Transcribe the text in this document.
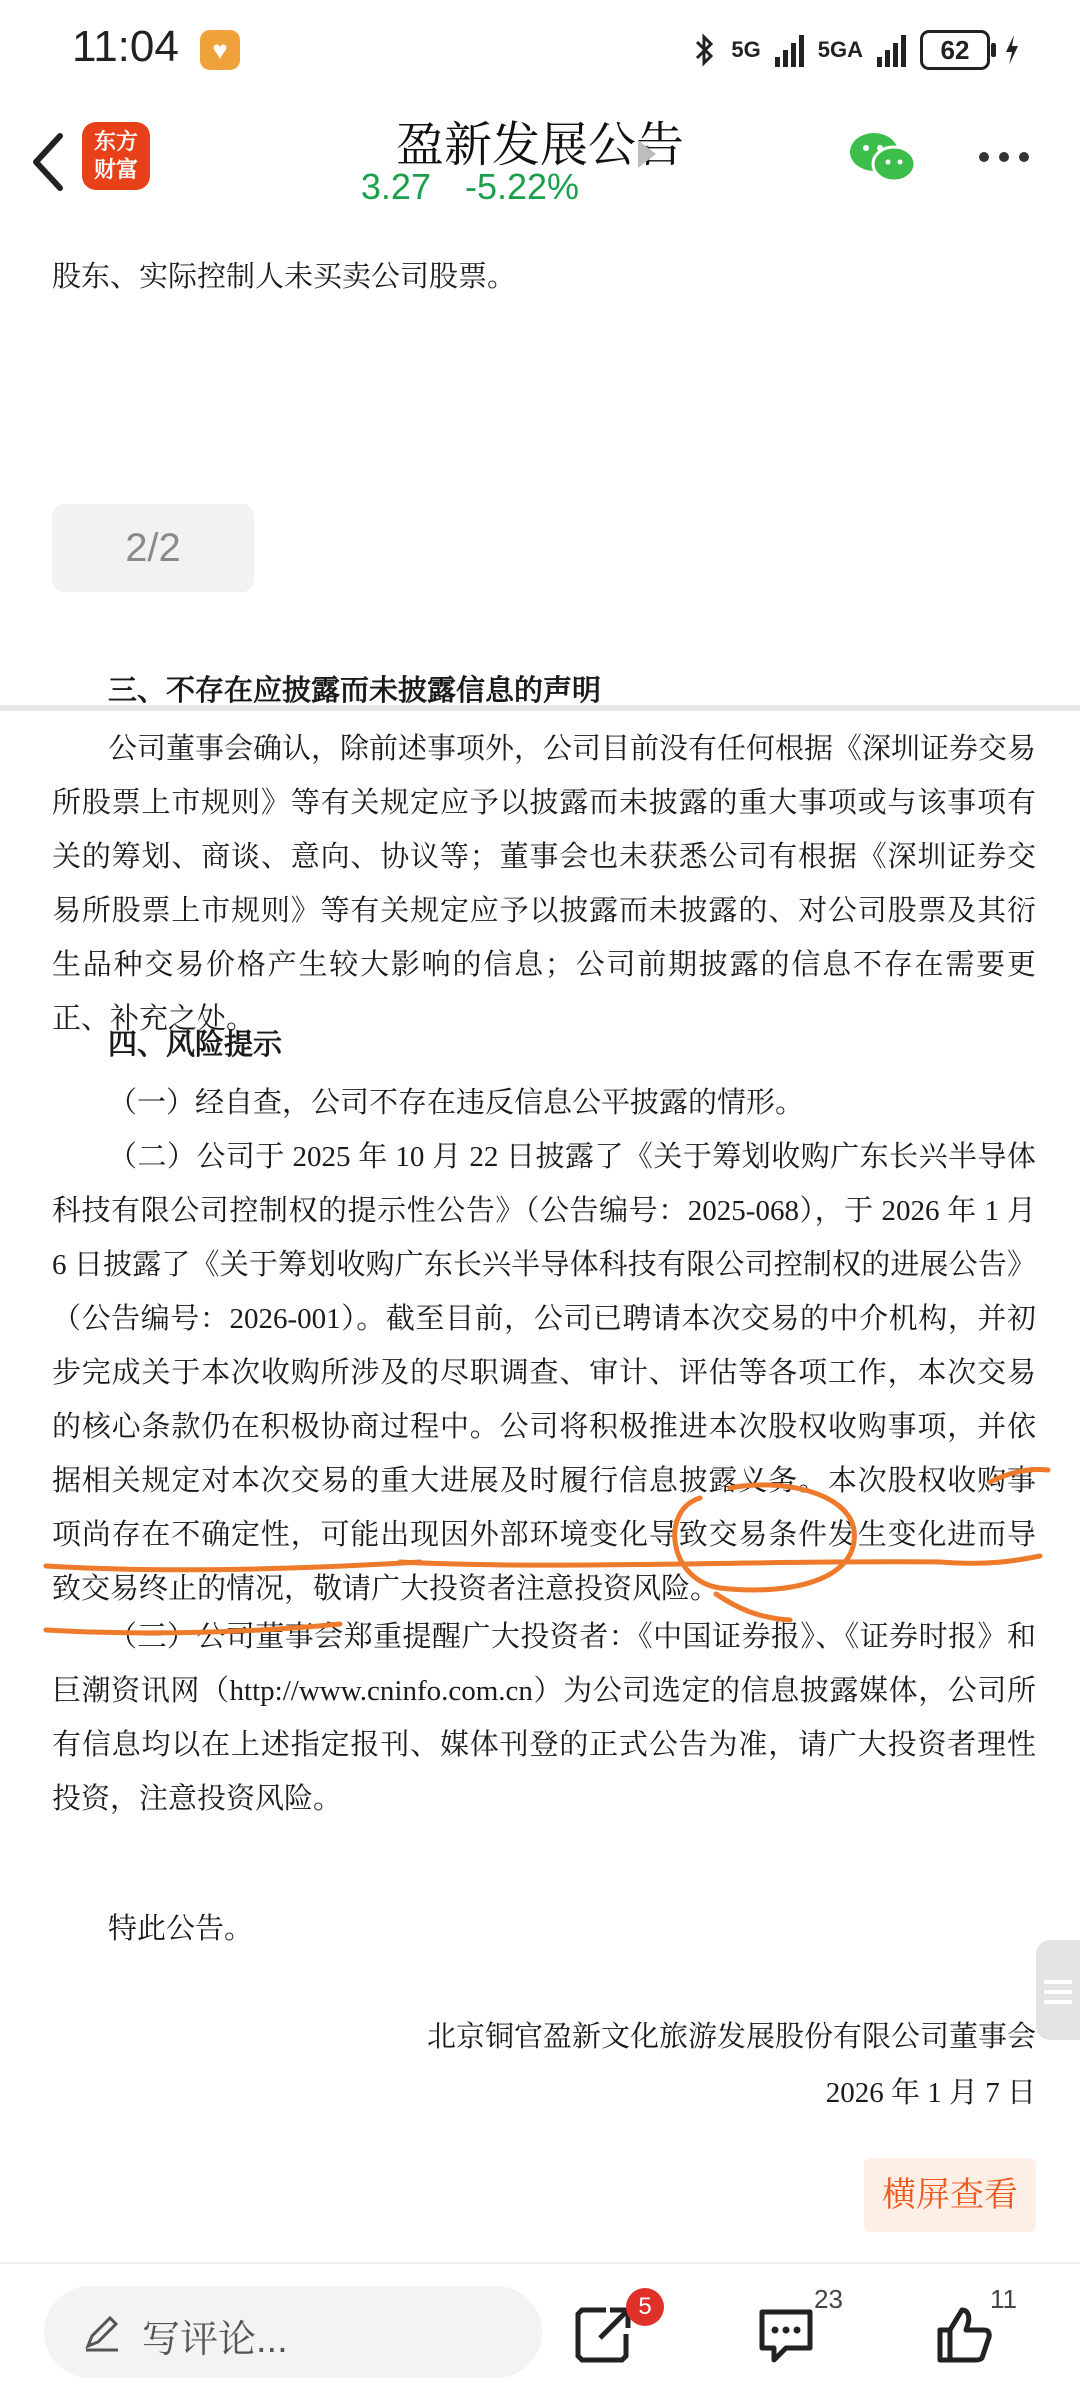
11:04	♥	5G	5GA	62
东方
财富	盈新发展公告
3.27 -5.22%
股东、实际控制人未买卖公司股票。
2/2
三、不存在应披露而未披露信息的声明
公司董事会确认，除前述事项外，公司目前没有任何根据《深圳证券交易所股票上市规则》等有关规定应予以披露而未披露的重大事项或与该事项有关的筹划、商谈、意向、协议等；董事会也未获悉公司有根据《深圳证券交易所股票上市规则》等有关规定应予以披露而未披露的、对公司股票及其衍生品种交易价格产生较大影响的信息；公司前期披露的信息不存在需要更正、补充之处。
四、风险提示
（一）经自查，公司不存在违反信息公平披露的情形。
（二）公司于 2025 年 10 月 22 日披露了《关于筹划收购广东长兴半导体科技有限公司控制权的提示性公告》（公告编号：2025-068），于 2026 年 1 月 6 日披露了《关于筹划收购广东长兴半导体科技有限公司控制权的进展公告》（公告编号：2026-001）。截至目前，公司已聘请本次交易的中介机构，并初步完成关于本次收购所涉及的尽职调查、审计、评估等各项工作，本次交易的核心条款仍在积极协商过程中。公司将积极推进本次股权收购事项，并依据相关规定对本次交易的重大进展及时履行信息披露义务。本次股权收购事项尚存在不确定性，可能出现因外部环境变化导致交易条件发生变化进而导致交易终止的情况，敬请广大投资者注意投资风险。
（三）公司董事会郑重提醒广大投资者：《中国证券报》、《证券时报》和巨潮资讯网（http://www.cninfo.com.cn）为公司选定的信息披露媒体，公司所有信息均以在上述指定报刊、媒体刊登的正式公告为准，请广大投资者理性投资，注意投资风险。
特此公告。
北京铜官盈新文化旅游发展股份有限公司董事会
2026 年 1 月 7 日
横屏查看
写评论...
5	23	11
